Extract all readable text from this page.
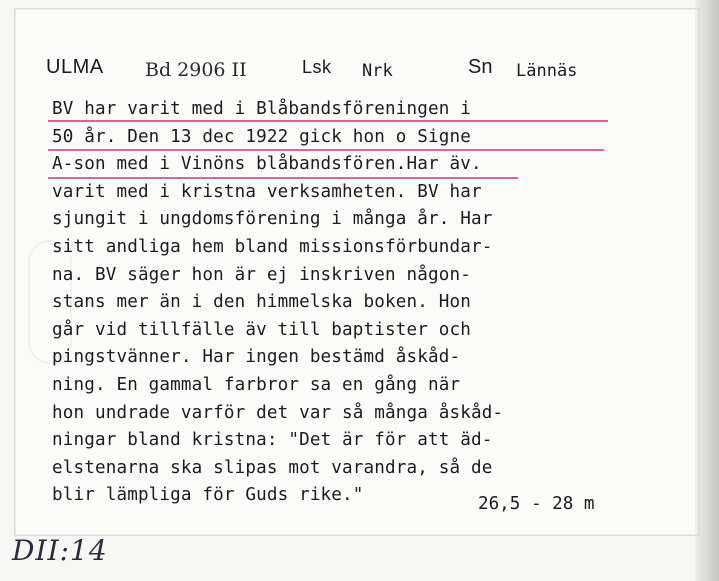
ULMA Bd 2906 II	Lsk Nrk	Sn Lännäs
BV har varit med i Blåbandsföreningen i
50 år. Den 13 dec 1922 gick hon o Signe
A-son med i Vinöns blåbandsfören.Har äv.
varit med i kristna verksamheten. BV har
sjungit i ungdomsförening i många år. Har
sitt andliga hem bland missionsförbundar-
na. BV säger hon är ej inskriven någon-
stans mer än i den himmelska boken. Hon
går vid tillfälle äv till baptister och
pingstvänner. Har ingen bestämd åskåd-
ning. En gammal farbror sa en gång när
hon undrade varför det var så många åskåd-
ningar bland kristna: "Det är för att äd-
elstenarna ska slipas mot varandra, så de
blir lämpliga för Guds rike."	26,5 - 28 m
DII:14
